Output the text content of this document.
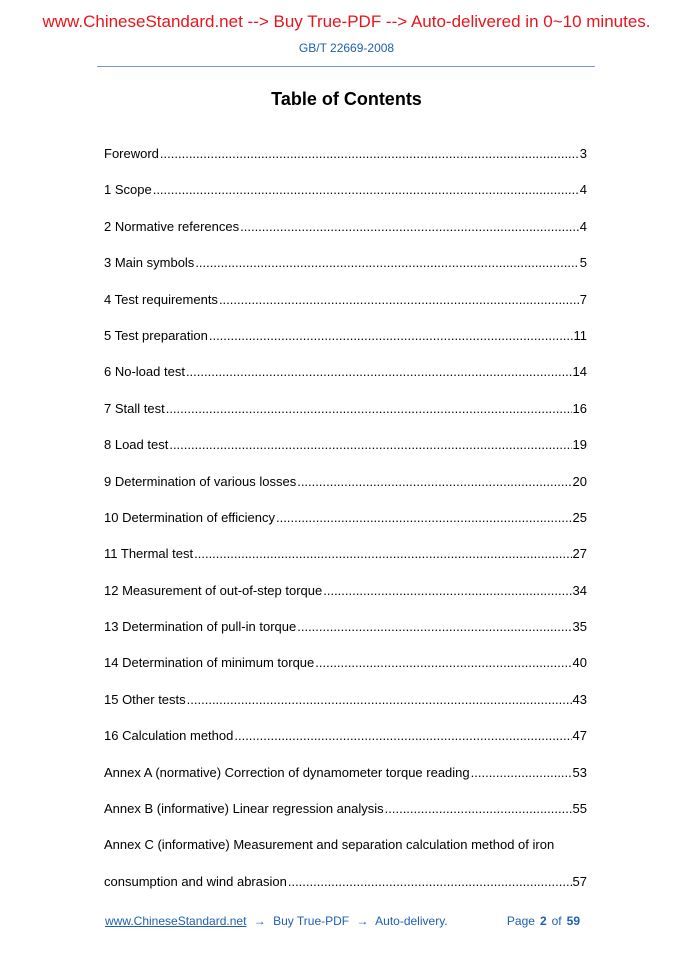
www.ChineseStandard.net --> Buy True-PDF --> Auto-delivered in 0~10 minutes.
GB/T 22669-2008
Table of Contents
Foreword .....	3
1 Scope .....	4
2 Normative references .....	4
3 Main symbols .....	5
4 Test requirements .....	7
5 Test preparation .....	11
6 No-load test .....	14
7 Stall test .....	16
8 Load test .....	19
9 Determination of various losses .....	20
10 Determination of efficiency .....	25
11 Thermal test .....	27
12 Measurement of out-of-step torque .....	34
13 Determination of pull-in torque .....	35
14 Determination of minimum torque .....	40
15 Other tests .....	43
16 Calculation method .....	47
Annex A (normative) Correction of dynamometer torque reading .....	53
Annex B (informative) Linear regression analysis .....	55
Annex C (informative) Measurement and separation calculation method of iron
consumption and wind abrasion .....	57
www.ChineseStandard.net → Buy True-PDF → Auto-delivery.	Page 2 of 59
